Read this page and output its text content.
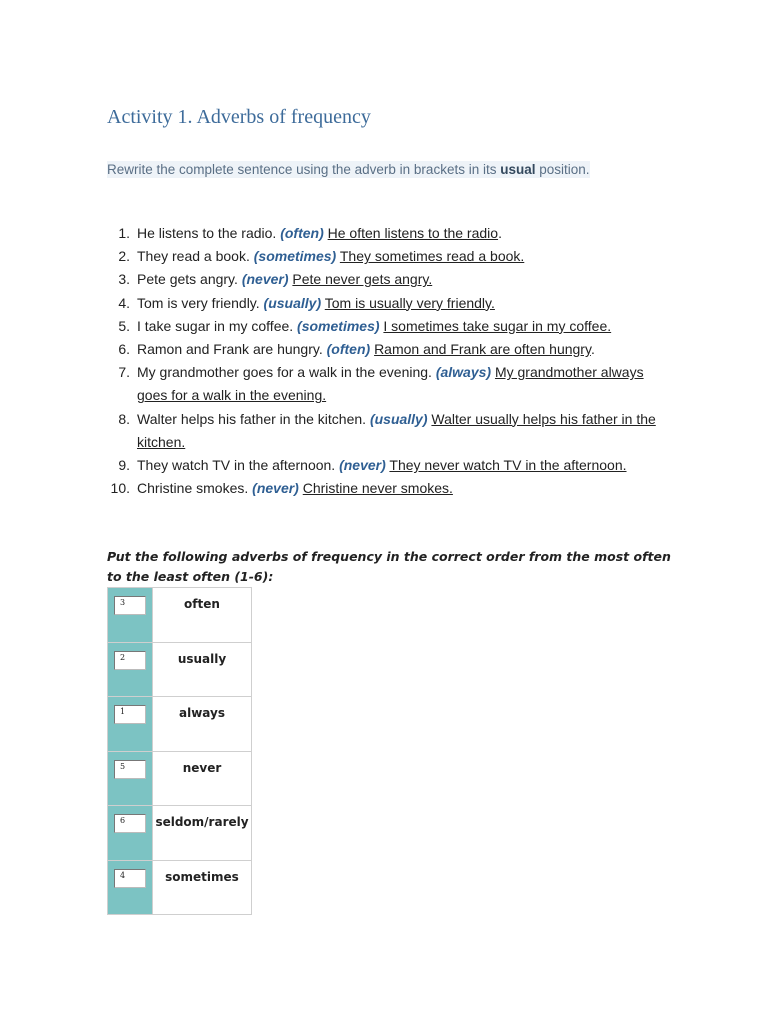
Activity 1. Adverbs of frequency
Rewrite the complete sentence using the adverb in brackets in its usual position.
1. He listens to the radio. (often) He often listens to the radio.
2. They read a book. (sometimes) They sometimes read a book.
3. Pete gets angry. (never) Pete never gets angry.
4. Tom is very friendly. (usually) Tom is usually very friendly.
5. I take sugar in my coffee. (sometimes) I sometimes take sugar in my coffee.
6. Ramon and Frank are hungry. (often) Ramon and Frank are often hungry.
7. My grandmother goes for a walk in the evening. (always) My grandmother always goes for a walk in the evening.
8. Walter helps his father in the kitchen. (usually) Walter usually helps his father in the kitchen.
9. They watch TV in the afternoon. (never) They never watch TV in the afternoon.
10. Christine smokes. (never) Christine never smokes.

Put the following adverbs of frequency in the correct order from the most often to the least often (1-6):

3	often

2	usually

1	always

5	never

6	seldom/rarely

4	sometimes
